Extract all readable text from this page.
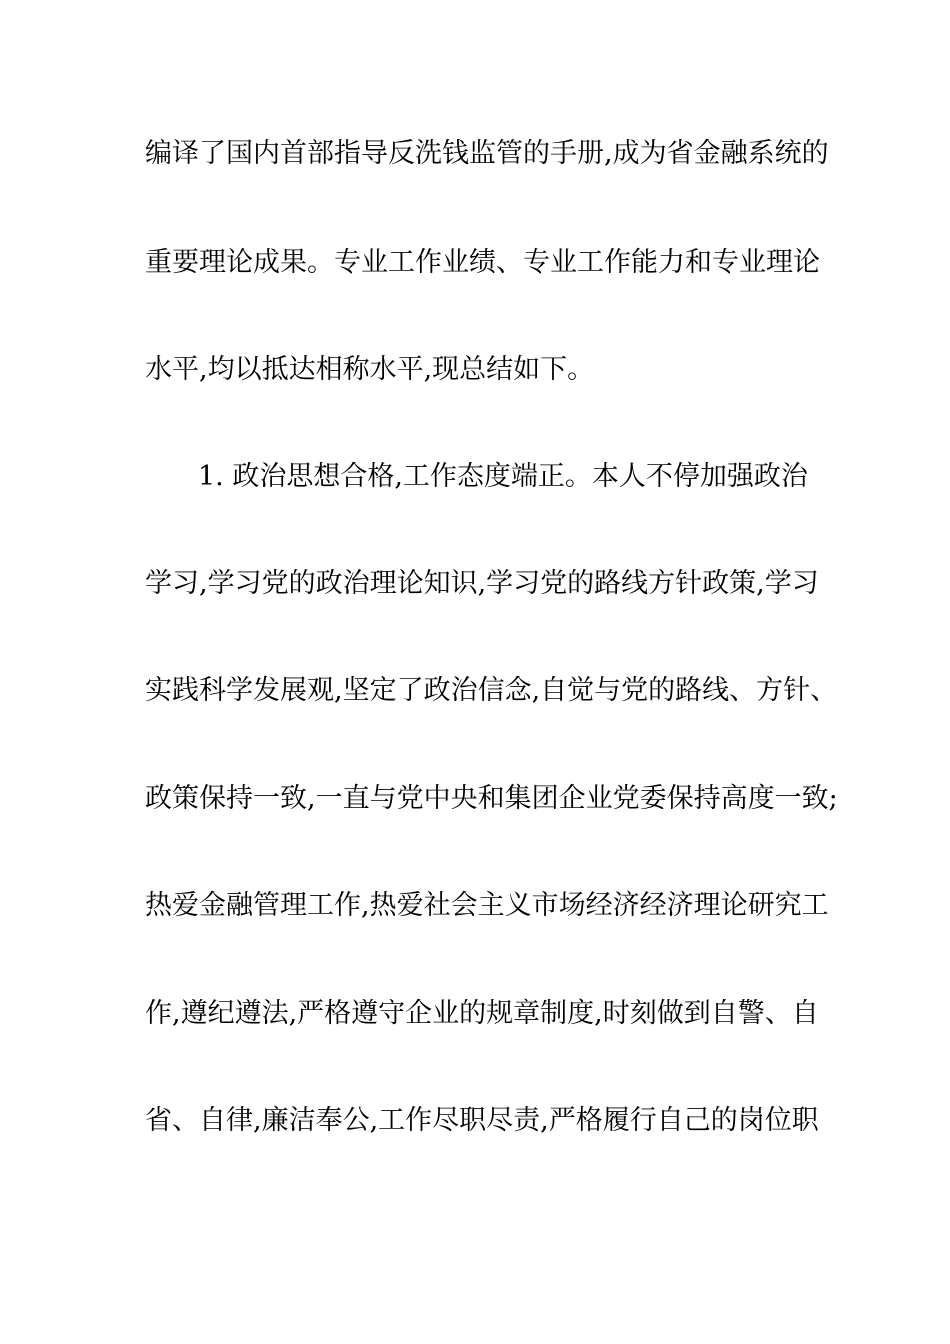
编译了国内首部指导反洗钱监管的手册,成为省金融系统的
重要理论成果。专业工作业绩、专业工作能力和专业理论
水平,均以抵达相称水平,现总结如下。
1. 政治思想合格,工作态度端正。本人不停加强政治
学习,学习党的政治理论知识,学习党的路线方针政策,学习
实践科学发展观,坚定了政治信念,自觉与党的路线、方针、
政策保持一致,一直与党中央和集团企业党委保持高度一致;
热爱金融管理工作,热爱社会主义市场经济经济理论研究工
作,遵纪遵法,严格遵守企业的规章制度,时刻做到自警、自
省、自律,廉洁奉公,工作尽职尽责,严格履行自己的岗位职
